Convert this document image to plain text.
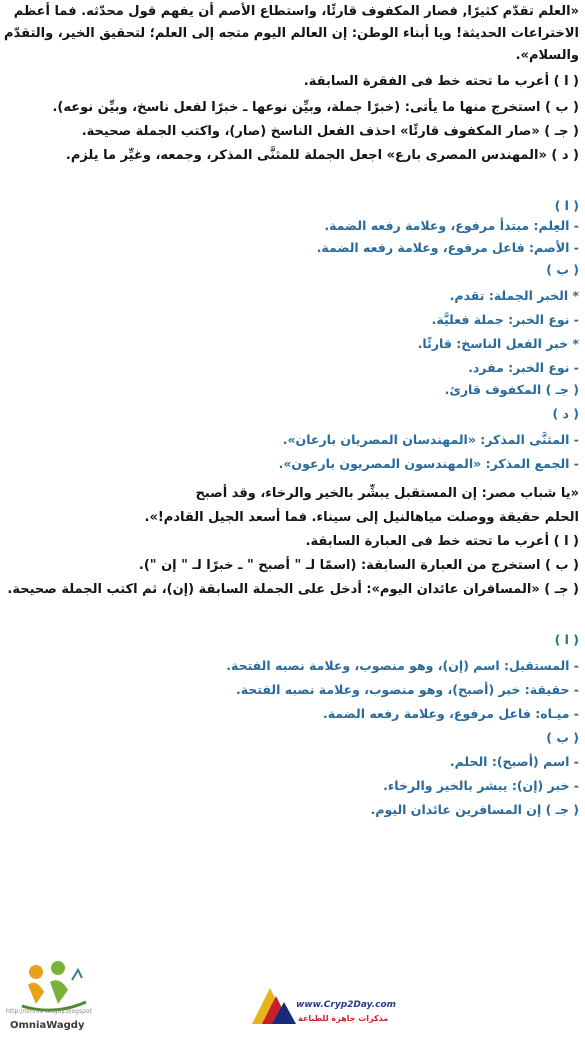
«العلم تقدّم كثيرًا, فصار المكفوف قارئًا، واستطاع الأصم أن يفهم قول محدّثه. فما أعظم
الاختراعات الحديثة! ويا أبناء الوطن: إن العالم اليوم متجه إلى العلم؛ لتحقيق الخير، والتقدّم
والسلام».
( ا ) أعرب ما تحته خط فى الفقرة السابقة.
( ب ) استخرج منها ما يأتى: (خبرًا جملة، وبيِّن نوعها ـ خبرًا لفعل ناسخ، وبيِّن نوعه).
( جـ ) «صار المكفوف قارئًا» احذف الفعل الناسخ (صار)، واكتب الجملة صحيحة.
( د ) «المهندس المصرى بارع» اجعل الجملة للمثنَّى المذكر، وجمعه، وغيِّر ما يلزم.
( ا )
- العِلم: مبتدأ مرفوع، وعلامة رفعه الضمة.
- الأصم: فاعل مرفوع، وعلامة رفعه الضمة.
( ب )
* الخبر الجملة: تقدم.
- نوع الخبر: جملة فعليَّة.
* خبر الفعل الناسخ: قارئًا.
- نوع الخبر: مفرد.
( جـ ) المكفوف قارئ.
( د )
- المثنَّى المذكر: «المهندسان المصريان بارعان».
- الجمع المذكر: «المهندسون المصريون بارعون».
«يا شباب مصر: إن المستقبل يبشِّر بالخير والرخاء، وقد أصبح
الحلم حقيقة ووصلت مياهالنيل إلى سيناء. فما أسعد الجيل القادم!».
( ا ) أعرب ما تحته خط فى العبارة السابقة.
( ب ) استخرج من العبارة السابقة: (اسمًا لـ " أصبح " ـ خبرًا لـ " إن ").
( جـ ) «المسافران عائدان اليوم»: أدخل على الجملة السابقة (إن)، ثم اكتب الجملة صحيحة.
( ا )
- المستقبل: اسم (إن)، وهو منصوب، وعلامة نصبه الفتحة.
- حقيقة: خبر (أصبح)، وهو منصوب، وعلامة نصبه الفتحة.
- ميـاه: فاعل مرفوع، وعلامة رفعه الضمة.
( ب )
- اسم (أصبح): الحلم.
- خبر (إن): يبشر بالخير والرخاء.
( جـ ) إن المسافرين عائدان اليوم.
http://omnia-wagdy.blogspot
OmniaWagdy
www.Cryp2Day.com
مذكرات جاهزة للطباعة
